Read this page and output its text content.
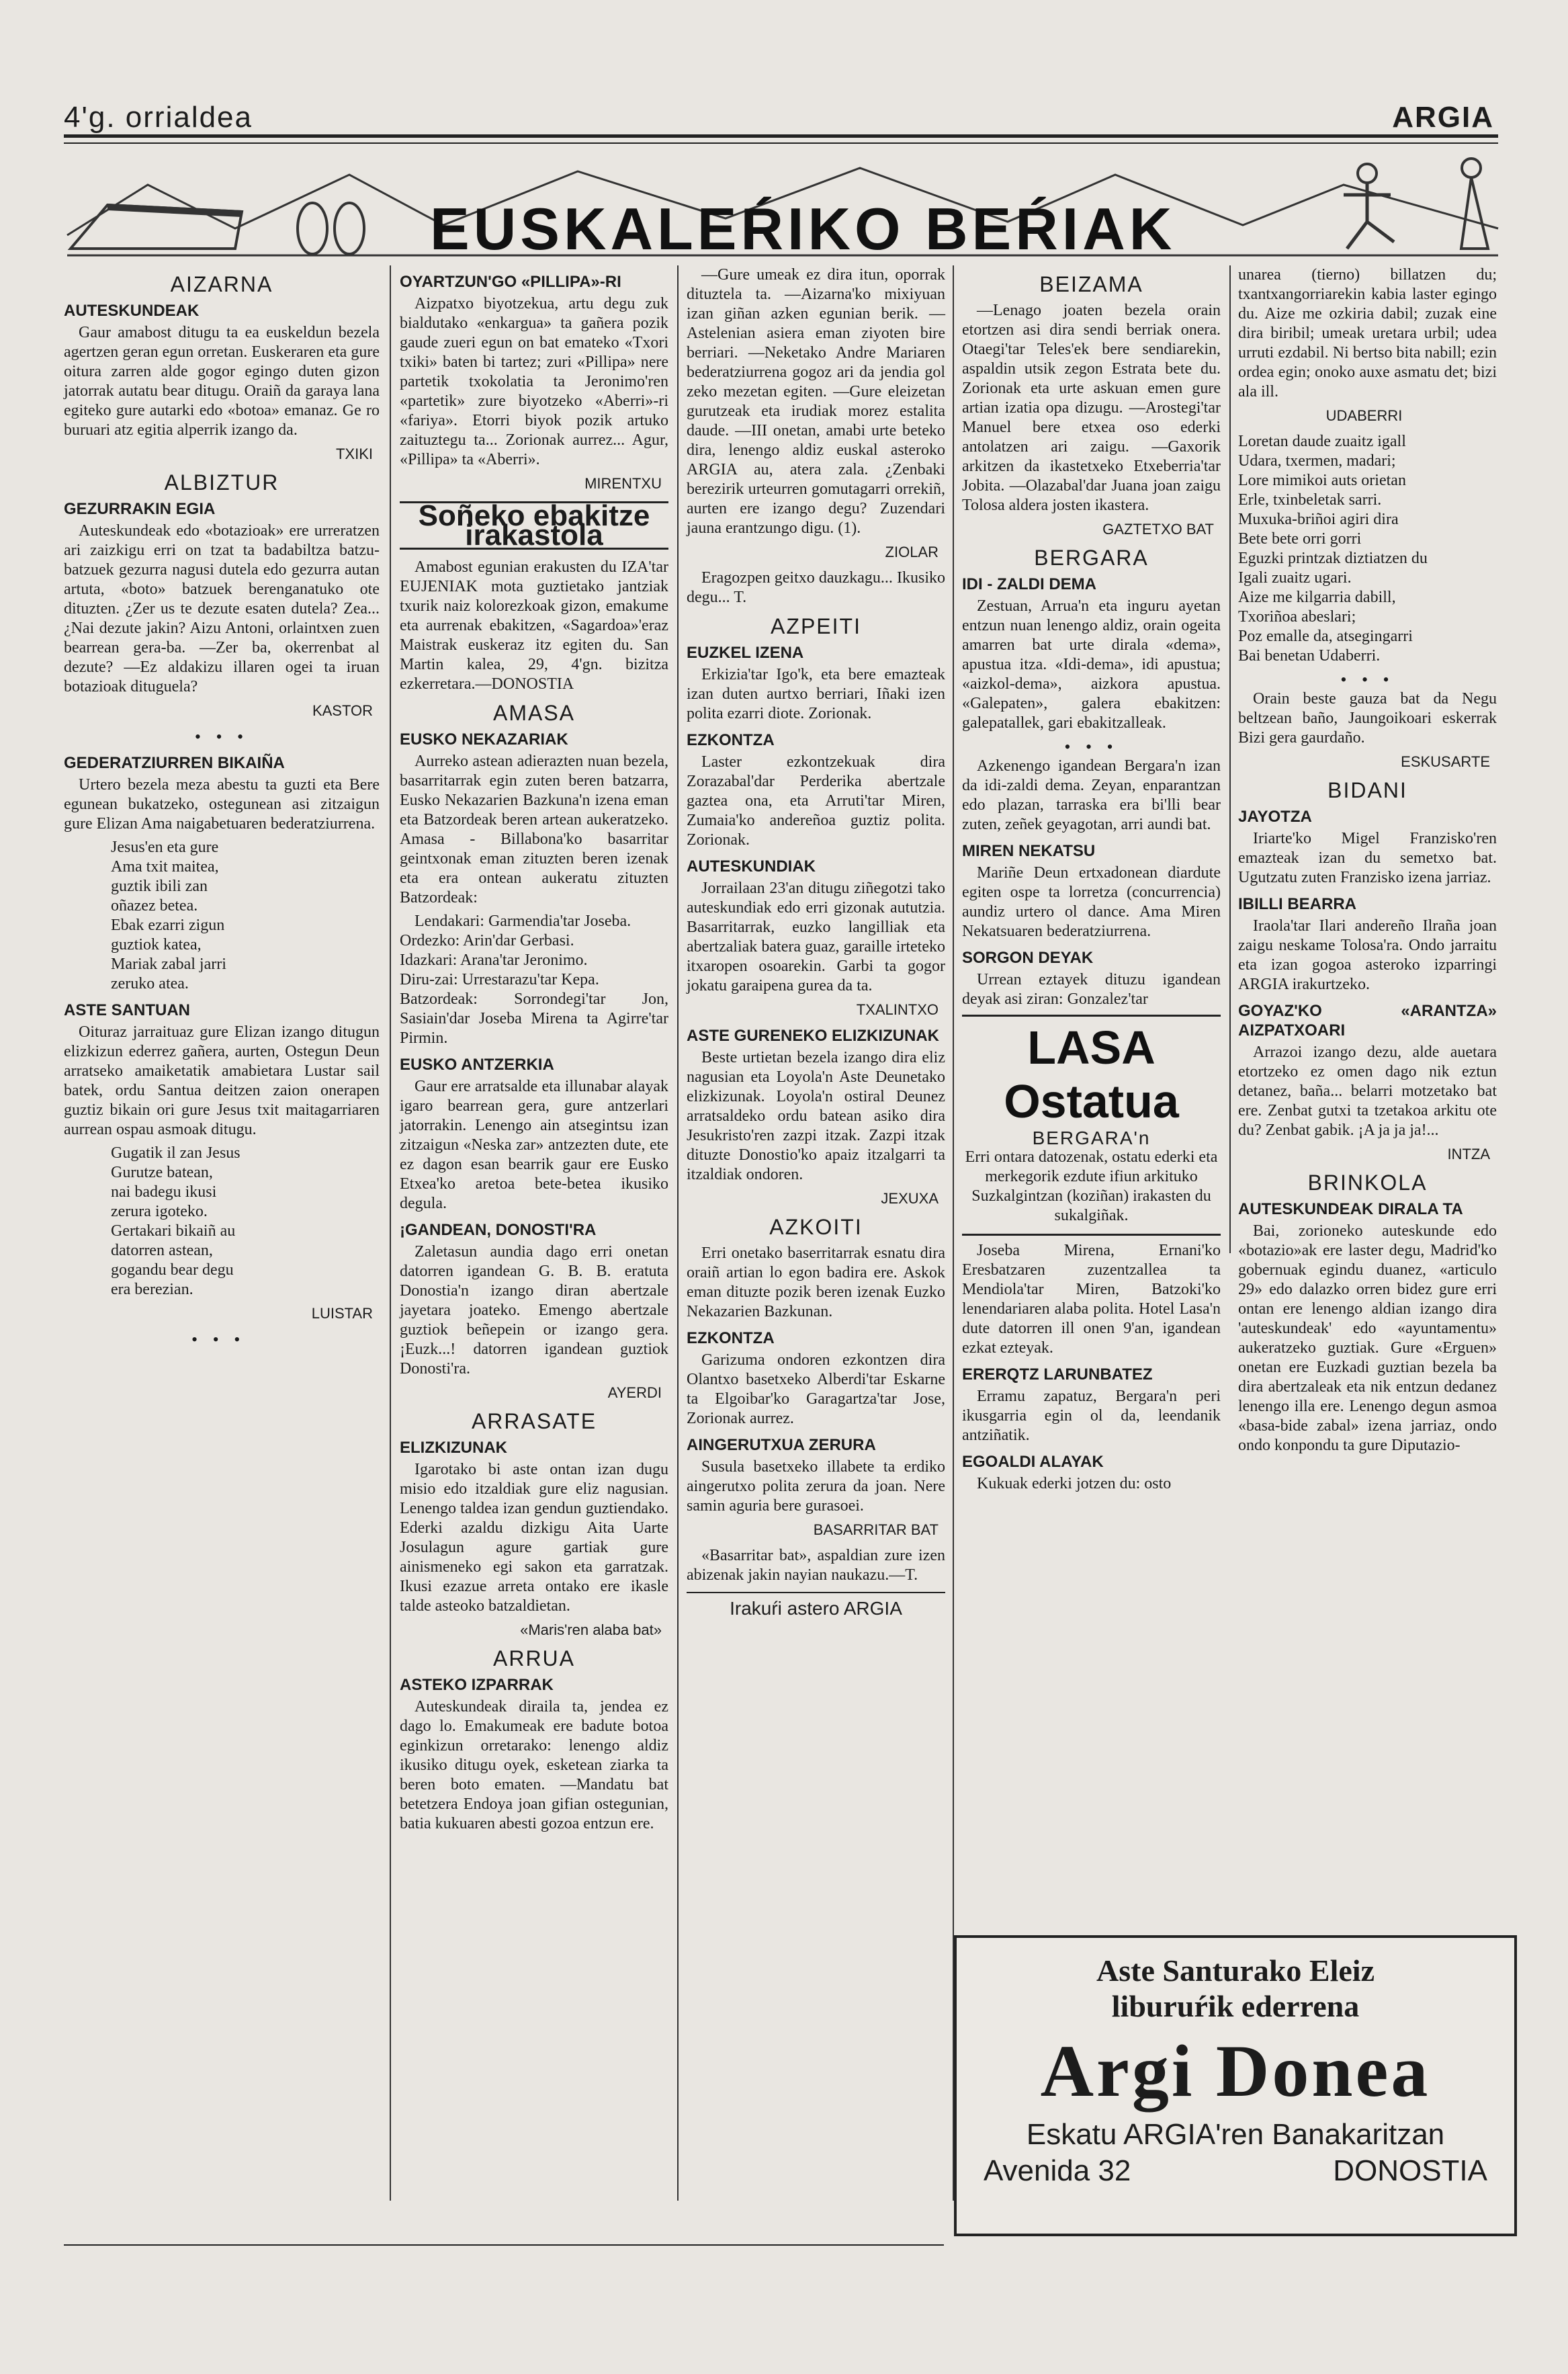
4'g. orrialdea	ARGIA
EUSKALEŔIKO BEŔIAK
AIZARNA
AUTESKUNDEAK

Gaur amabost ditugu ta ea euskeldun bezela agertzen geran egun orretan. Euskeraren eta gure oitura zarren alde gogor egingo duten gizon jatorrak autatu bear ditugu. Oraiñ da garaya lana egiteko gure autarki edo «botoa» emanaz. Ge ro buruari atz egitia alperrik izango da.

TXIKI
ALBIZTUR
GEZURRAKIN EGIA

Auteskundeak edo «botazioak» ere urreratzen ari zaizkigu erri on tzat ta badabiltza batzu-batzuek gezurra nagusi dutela edo gezurra autan artuta, «boto» batzuek berenganatuko ote dituzten. ¿Zer us te dezute esaten dutela? Zea... ¿Nai dezute jakin? Aizu Antoni, orlaintxen zuen bearrean gera-ba. —Zer ba, okerrenbat al dezute? —Ez aldakizu illaren ogei ta iruan botazioak dituguela?

KASTOR
• • •
GEDERATZIURREN BIKAIÑA

Urtero bezela meza abestu ta guzti eta Bere egunean bukatzeko, ostegunean asi zitzaigun gure Elizan Ama naigabetuaren bederatziurrena.

Jesus'en eta gure
Ama txit maitea,
guztik ibili zan
oñazez betea.
Ebak ezarri zigun
guztiok katea,
Mariak zabal jarri
zeruko atea.

ASTE SANTUAN

Oituraz jarraituaz gure Elizan izango ditugun elizkizun ederrez gañera, aurten, Ostegun Deun arratseko amaiketatik amabietara Lustar sail batek, ordu Santua deitzen zaion onerapen guztiz bikain ori gure Jesus txit maitagarriaren aurrean ospau asmoak ditugu.

Gugatik il zan Jesus
Gurutze batean,
nai badegu ikusi
zerura igoteko.
Gertakari bikaiñ au
datorren astean,
gogandu bear degu
era berezian.

LUISTAR
• • •
OYARTZUN'GO «PILLIPA»-RI

Aizpatxo biyotzekua, artu degu zuk bialdutako «enkargua» ta gañera pozik gaude zueri egun on bat emateko «Txori txiki» baten bi tartez; zuri «Pillipa» nere partetik txokolatia ta Jeronimo'ren «partetik» zure biyotzeko «Aberri»-ri «fariya». Etorri biyok pozik artuko zaituztegu ta... Zorionak aurrez... Agur, «Pillipa» ta «Aberri».

MIRENTXU
Soñeko ebakitze irakastola

Amabost egunian erakusten du IZA'tar EUJENIAK mota guztietako jantziak txurik naiz kolorezkoak gizon, emakume eta aurrenak ebakitzen, «Sagardoa»'eraz Maistrak euskeraz itz egiten du. San Martin kalea, 29, 4'gn. bizitza ezkerretara.—DONOSTIA

AMASA
EUSKO NEKAZARIAK

Aurreko astean adierazten nuan bezela, basarritarrak egin zuten beren batzarra, Eusko Nekazarien Bazkuna'n izena eman eta Batzordeak beren artean aukeratzeko. Amasa - Billabona'ko basarritar geintxonak eman zituzten beren izenak eta era ontean aukeratu zituzten Batzordeak:

Lendakari: Garmendia'tar Joseba.
Ordezko: Arin'dar Gerbasi.
Idazkari: Arana'tar Jeronimo.
Diru-zai: Urrestarazu'tar Kepa.
Batzordeak: Sorrondegi'tar Jon, Sasiain'dar Joseba Mirena ta Agirre'tar Pirmin.

EUSKO ANTZERKIA

Gaur ere arratsalde eta illunabar alayak igaro bearrean gera, gure antzerlari jatorrakin. Lenengo ain atsegintsu izan zitzaigun «Neska zar» antzezten dute, ete ez dagon esan bearrik gaur ere Eusko Etxea'ko aretoa bete-betea ikusiko degula.

¡GANDEAN, DONOSTI'RA

Zaletasun aundia dago erri onetan datorren igandean G. B. B. eratuta Donostia'n izango diran abertzale jayetara joateko. Emengo abertzale guztiok beñepein or izango gera. ¡Euzk...! datorren igandean guztiok Donosti'ra.

AYERDI
ARRASATE
ELIZKIZUNAK

Igarotako bi aste ontan izan dugu misio edo itzaldiak gure eliz nagusian. Lenengo taldea izan gendun guztiendako. Ederki azaldu dizkigu Aita Uarte Josulagun agure gartiak gure ainismeneko egi sakon eta garratzak. Ikusi ezazue arreta ontako ere ikasle talde asteoko batzaldietan.

«Maris'ren alaba bat»
ARRUA
ASTEKO IZPARRAK

Auteskundeak diraila ta, jendea ez dago lo. Emakumeak ere badute botoa eginkizun orretarako: lenengo aldiz ikusiko ditugu oyek, esketean ziarka ta beren boto ematen. —Mandatu bat betetzera Endoya joan gifian ostegunian, batia kukuaren abesti gozoa entzun ere.

—Gure umeak ez dira itun, oporrak dituztela ta. —Aizarna'ko mixiyuan izan giñan azken egunian berik. —Astelenian asiera eman ziyoten bire berriari. —Neketako Andre Mariaren bederatziurrena gogoz ari da jendia gol zeko mezetan egiten. —Gure eleizetan gurutzeak eta irudiak morez estalita daude. —III onetan, amabi urte beteko dira, lenengo aldiz euskal asteroko ARGIA au, atera zala. ¿Zenbaki berezirik urteurren gomutagarri orrekiñ, aurten ere izango degu? Zuzendari jauna erantzungo digu. (1).

ZIOLAR

Eragozpen geitxo dauzkagu... Ikusiko degu... T.

AZPEITI
EUZKEL IZENA

Erkizia'tar Igo'k, eta bere emazteak izan duten aurtxo berriari, Iñaki izen polita ezarri diote. Zorionak.

EZKONTZA

Laster ezkontzekuak dira Zorazabal'dar Perderika abertzale gaztea ona, eta Arruti'tar Miren, Zumaia'ko andereñoa guztiz polita. Zorionak.

AUTESKUNDIAK

Jorrailaan 23'an ditugu ziñegotzi tako auteskundiak edo erri gizonak aututzia. Basarritarrak, euzko langilliak eta abertzaliak batera guaz, garaille irteteko itxaropen osoarekin. Garbi ta gogor jokatu garaipena gurea da ta.

TXALINTXO
ASTE GURENEKO ELIZKIZUNAK

Beste urtietan bezela izango dira eliz nagusian eta Loyola'n Aste Deunetako elizkizunak. Loyola'n ostiral Deunez arratsaldeko ordu batean asiko dira Jesukristo'ren zazpi itzak. Zazpi itzak dituzte Donostio'ko apaiz itzalgarri ta itzaldiak ondoren.

JEXUXA
AZKOITI

Erri onetako baserritarrak esnatu dira oraiñ artian lo egon badira ere. Askok eman dituzte pozik beren izenak Euzko Nekazarien Bazkunan.

EZKONTZA

Garizuma ondoren ezkontzen dira Olantxo basetxeko Alberdi'tar Eskarne ta Elgoibar'ko Garagartza'tar Jose, Zorionak aurrez.

AINGERUTXUA ZERURA

Susula basetxeko illabete ta erdiko aingerutxo polita zerura da joan. Nere samin aguria bere gurasoei.

BASARRITAR BAT

«Basarritar bat», aspaldian zure izen abizenak jakin nayian naukazu.—T.

Irakuŕi astero ARGIA
BEIZAMA

—Lenago joaten bezela orain etortzen asi dira sendi berriak onera. Otaegi'tar Teles'ek bere sendiarekin, aspaldin utsik zegon Estrata bete du. Zorionak eta urte askuan emen gure artian izatia opa dizugu. —Arostegi'tar Manuel bere etxea oso ederki antolatzen ari zaigu. —Gaxorik arkitzen da ikastetxeko Etxeberria'tar Jobita. —Olazabal'dar Juana joan zaigu Tolosa aldera josten ikastera.

GAZTETXO BAT
BERGARA
IDI - ZALDI DEMA

Zestuan, Arrua'n eta inguru ayetan entzun nuan lenengo aldiz, orain ogeita amarren bat urte dirala «dema», apustua itza. «Idi-dema», idi apustua; «aizkol-dema», aizkora apustua. «Galepaten», galera ebakitzen: galepatallek, gari ebakitzalleak.

• • •

Azkenengo igandean Bergara'n izan da idi-zaldi dema. Zeyan, enparantzan edo plazan, tarraska era bi'lli bear zuten, zeñek geyagotan, arri aundi bat.

MIREN NEKATSU

Mariñe Deun ertxadonean diardute egiten ospe ta lorretza (concurrencia) aundiz urtero ol dance. Ama Miren Nekatsuaren bederatziurrena.

SORGON DEYAK

Urrean eztayek dituzu igandean deyak asi ziran: Gonzalez'tar

LASA Ostatua
BERGARA'n

Erri ontara datozenak, ostatu ederki eta merkegorik ezdute ifiun arkituko Suzkalgintzan (koziñan) irakasten du sukalgiñak.

Joseba Mirena, Ernani'ko Eresbatzaren zuzentzallea ta Mendiola'tar Miren, Batzoki'ko lenendariaren alaba polita. Hotel Lasa'n dute datorren ill onen 9'an, igandean ezkat ezteyak.

ERERQTZ LARUNBATEZ

Erramu zapatuz, Bergara'n peri ikusgarria egin ol da, leendanik antziñatik.

EGOALDI ALAYAK

Kukuak ederki jotzen du: osto

unarea (tierno) billatzen du; txantxangorriarekin kabia laster egingo du. Aize me ozkiria dabil; zuzak eine dira biribil; umeak uretara urbil; udea urruti ezdabil. Ni bertso bita nabill; ezin ordea egin; onoko auxe asmatu det; bizi ala ill.

UDABERRI

Loretan daude zuaitz igall
Udara, txermen, madari;
Lore mimikoi auts orietan
Erle, txinbeletak sarri.
Muxuka-briñoi agiri dira
Bete bete orri gorri
Eguzki printzak diztiatzen du
Igali zuaitz ugari.
Aize me kilgarria dabill,
Txoriñoa abeslari;
Poz emalle da, atsegingarri
Bai benetan Udaberri.

• • •

Orain beste gauza bat da Negu beltzean baño, Jaungoikoari eskerrak Bizi gera gaurdaño.

ESKUSARTE
BIDANI
JAYOTZA

Iriarte'ko Migel Franzisko'ren emazteak izan du semetxo bat. Ugutzatu zuten Franzisko izena jarriaz.

IBILLI BEARRA

Iraola'tar Ilari andereño Ilraña joan zaigu neskame Tolosa'ra. Ondo jarraitu eta izan gogoa asteroko izparringi ARGIA irakurtzeko.

GOYAZ'KO «ARANTZA» AIZPATXOARI

Arrazoi izango dezu, alde auetara etortzeko ez omen dago nik eztun detanez, baña... belarri motzetako bat ere. Zenbat gutxi ta tzetakoa arkitu ote du? Zenbat gabik. ¡A ja ja ja!...

INTZA
BRINKOLA
AUTESKUNDEAK DIRALA TA

Bai, zorioneko auteskunde edo «botazio»ak ere laster degu, Madrid'ko gobernuak egindu duanez, «articulo 29» edo dalazko orren bidez gure erri ontan ere lenengo aldian izango dira 'auteskundeak' edo «ayuntamentu» aukeratzeko guztiak. Gure «Erguen» onetan ere Euzkadi guztian bezela ba dira abertzaleak eta nik entzun dedanez lenengo illa ere. Lenengo degun asmoa «basa-bide zabal» izena jarriaz, ondo ondo konpondu ta gure Diputazio-

Aste Santurako Eleiz
liburuŕik ederrena
Argi Donea
Eskatu ARGIA'ren Banakaritzan
Avenida 32	DONOSTIA
